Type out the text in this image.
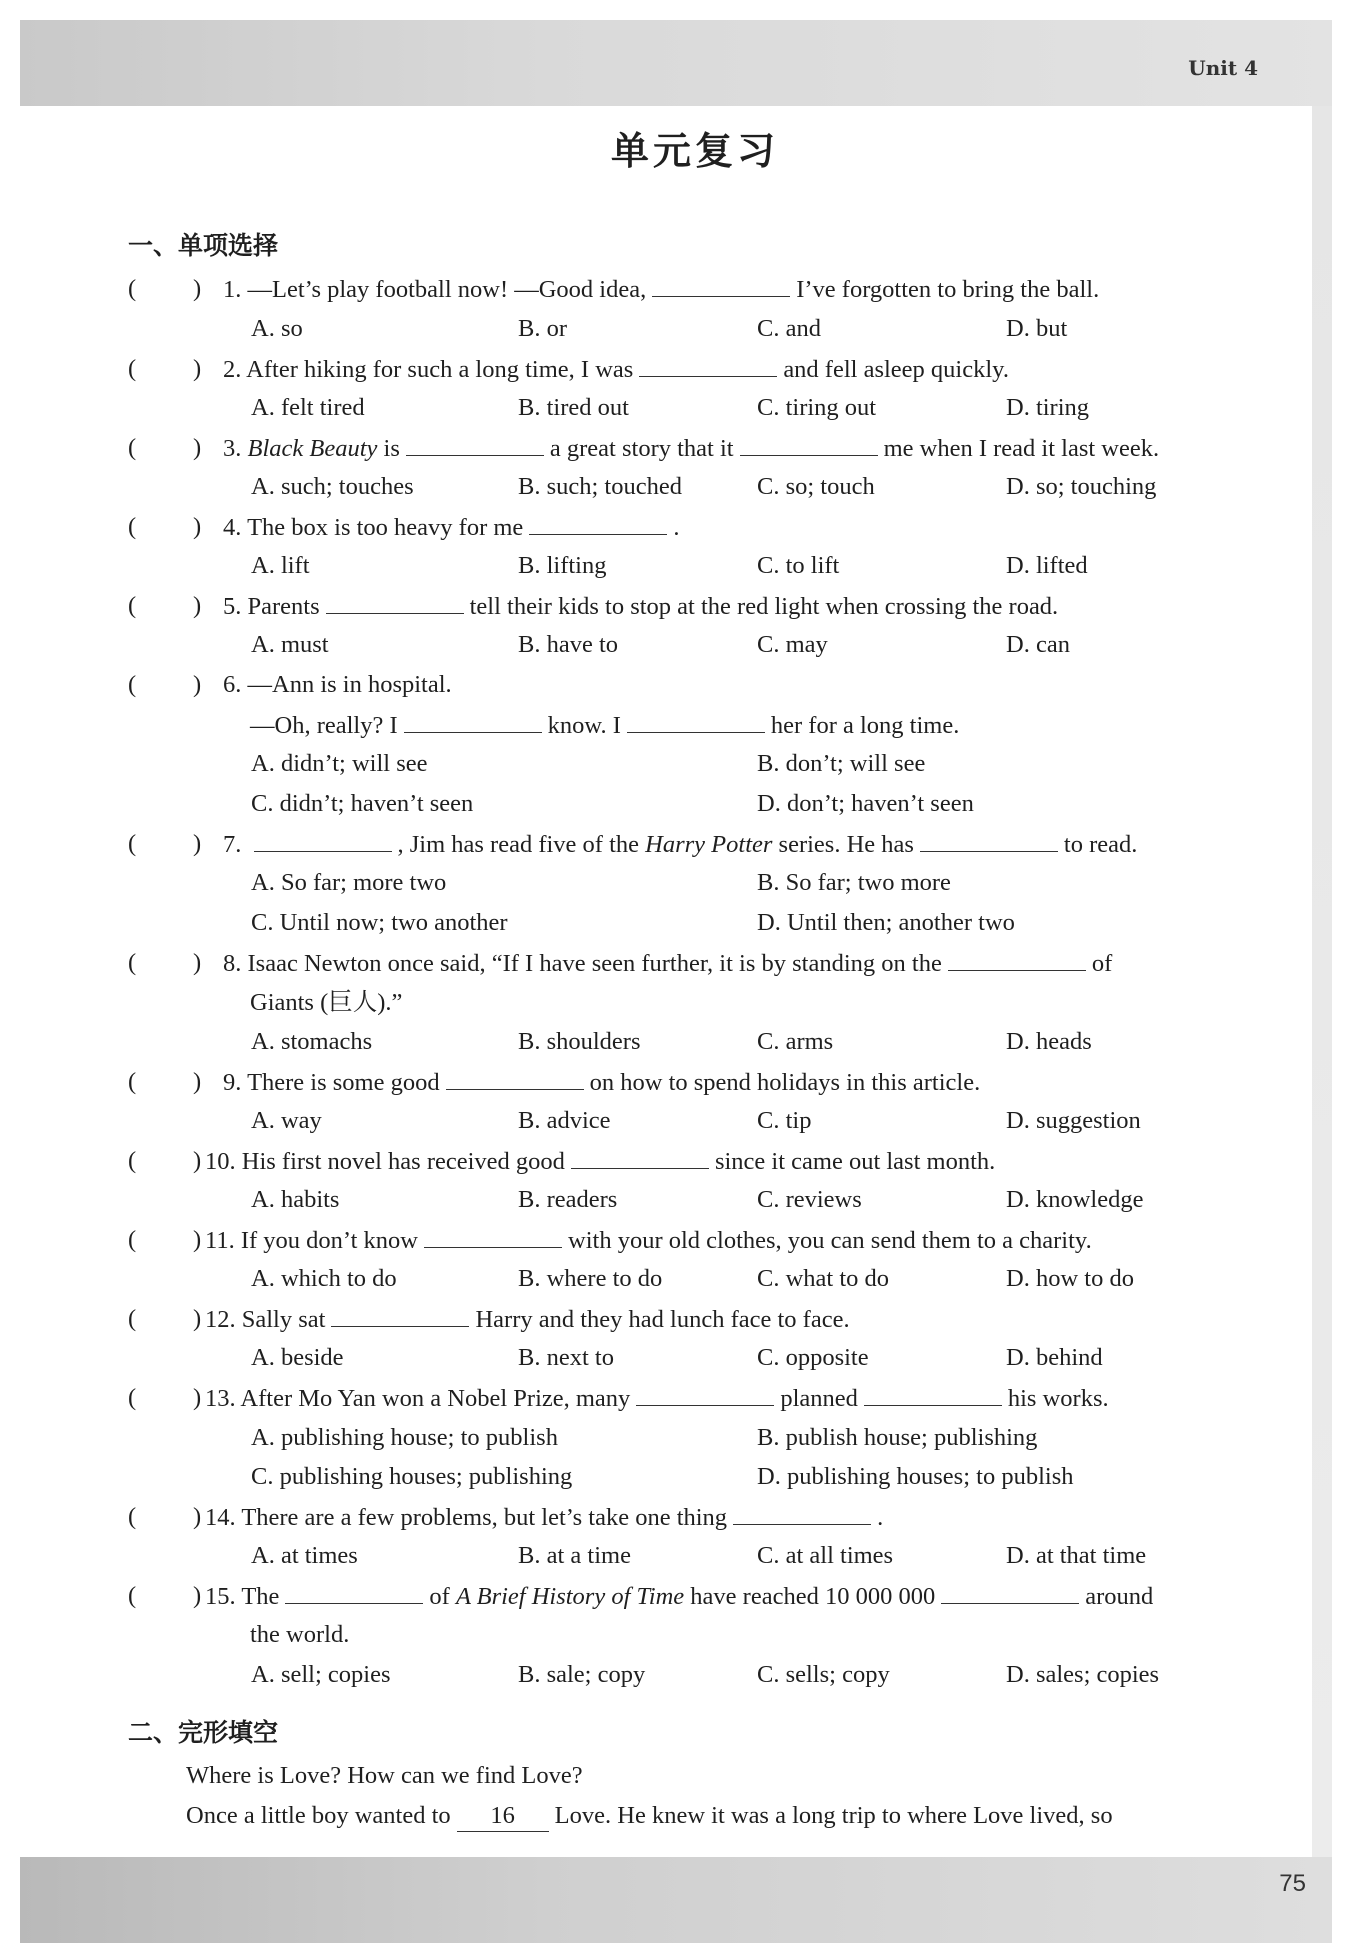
Unit 4
75
单元复习
一、单项选择
( ) 1. —Let’s play football now! —Good idea,	I’ve forgotten to bring the ball.
A. so	B. or	C. and	D. but
( ) 2. After hiking for such a long time, I was	and fell asleep quickly.
A. felt tired	B. tired out	C. tiring out	D. tiring
( ) 3. Black Beauty is	a great story that it	me when I read it last week.
A. such; touches	B. such; touched	C. so; touch	D. so; touching
( ) 4. The box is too heavy for me	.
A. lift	B. lifting	C. to lift	D. lifted
( ) 5. Parents	tell their kids to stop at the red light when crossing the road.
A. must	B. have to	C. may	D. can
( ) 6. —Ann is in hospital.
—Oh, really? I	know. I	her for a long time.
A. didn’t; will see	B. don’t; will see
C. didn’t; haven’t seen	D. don’t; haven’t seen
( ) 7.	, Jim has read five of the Harry Potter series. He has	to read.
A. So far; more two	B. So far; two more
C. Until now; two another	D. Until then; another two
( ) 8. Isaac Newton once said, “If I have seen further, it is by standing on the	of
Giants (巨人).”
A. stomachs	B. shoulders	C. arms	D. heads
( ) 9. There is some good	on how to spend holidays in this article.
A. way	B. advice	C. tip	D. suggestion
( ) 10. His first novel has received good	since it came out last month.
A. habits	B. readers	C. reviews	D. knowledge
( ) 11. If you don’t know	with your old clothes, you can send them to a charity.
A. which to do	B. where to do	C. what to do	D. how to do
( ) 12. Sally sat	Harry and they had lunch face to face.
A. beside	B. next to	C. opposite	D. behind
( ) 13. After Mo Yan won a Nobel Prize, many	planned	his works.
A. publishing house; to publish	B. publish house; publishing
C. publishing houses; publishing	D. publishing houses; to publish
( ) 14. There are a few problems, but let’s take one thing	.
A. at times	B. at a time	C. at all times	D. at that time
( ) 15. The	of A Brief History of Time have reached 10 000 000	around
the world.
A. sell; copies	B. sale; copy	C. sells; copy	D. sales; copies
二、完形填空
Where is Love? How can we find Love?
Once a little boy wanted to 16 Love. He knew it was a long trip to where Love lived, so
